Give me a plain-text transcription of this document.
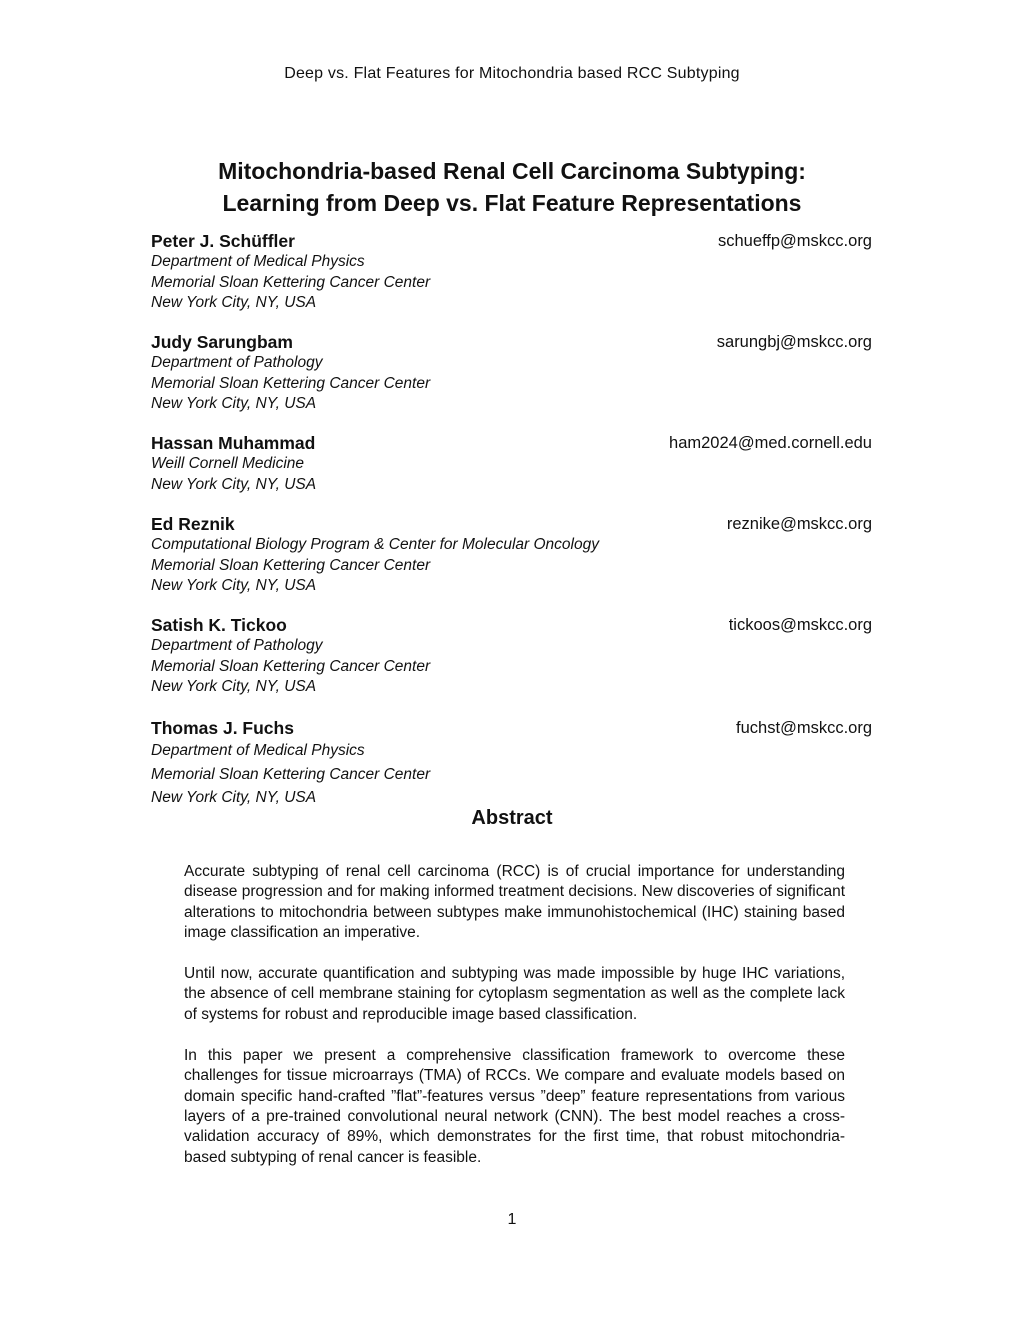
Deep vs. Flat Features for Mitochondria based RCC Subtyping
Mitochondria-based Renal Cell Carcinoma Subtyping:
Learning from Deep vs. Flat Feature Representations
Peter J. Schüffler	schueffp@mskcc.org
Department of Medical Physics
Memorial Sloan Kettering Cancer Center
New York City, NY, USA
Judy Sarungbam	sarungbj@mskcc.org
Department of Pathology
Memorial Sloan Kettering Cancer Center
New York City, NY, USA
Hassan Muhammad	ham2024@med.cornell.edu
Weill Cornell Medicine
New York City, NY, USA
Ed Reznik	reznike@mskcc.org
Computational Biology Program & Center for Molecular Oncology
Memorial Sloan Kettering Cancer Center
New York City, NY, USA
Satish K. Tickoo	tickoos@mskcc.org
Department of Pathology
Memorial Sloan Kettering Cancer Center
New York City, NY, USA
Thomas J. Fuchs	fuchst@mskcc.org
Department of Medical Physics
Memorial Sloan Kettering Cancer Center
New York City, NY, USA
Abstract

Accurate subtyping of renal cell carcinoma (RCC) is of crucial importance for understanding disease progression and for making informed treatment decisions. New discoveries of significant alterations to mitochondria between subtypes make immunohistochemical (IHC) staining based image classification an imperative.

Until now, accurate quantification and subtyping was made impossible by huge IHC variations, the absence of cell membrane staining for cytoplasm segmentation as well as the complete lack of systems for robust and reproducible image based classification.

In this paper we present a comprehensive classification framework to overcome these challenges for tissue microarrays (TMA) of RCCs. We compare and evaluate models based on domain specific hand-crafted ”flat”-features versus ”deep” feature representations from various layers of a pre-trained convolutional neural network (CNN). The best model reaches a cross-validation accuracy of 89%, which demonstrates for the first time, that robust mitochondria-based subtyping of renal cancer is feasible.

1
